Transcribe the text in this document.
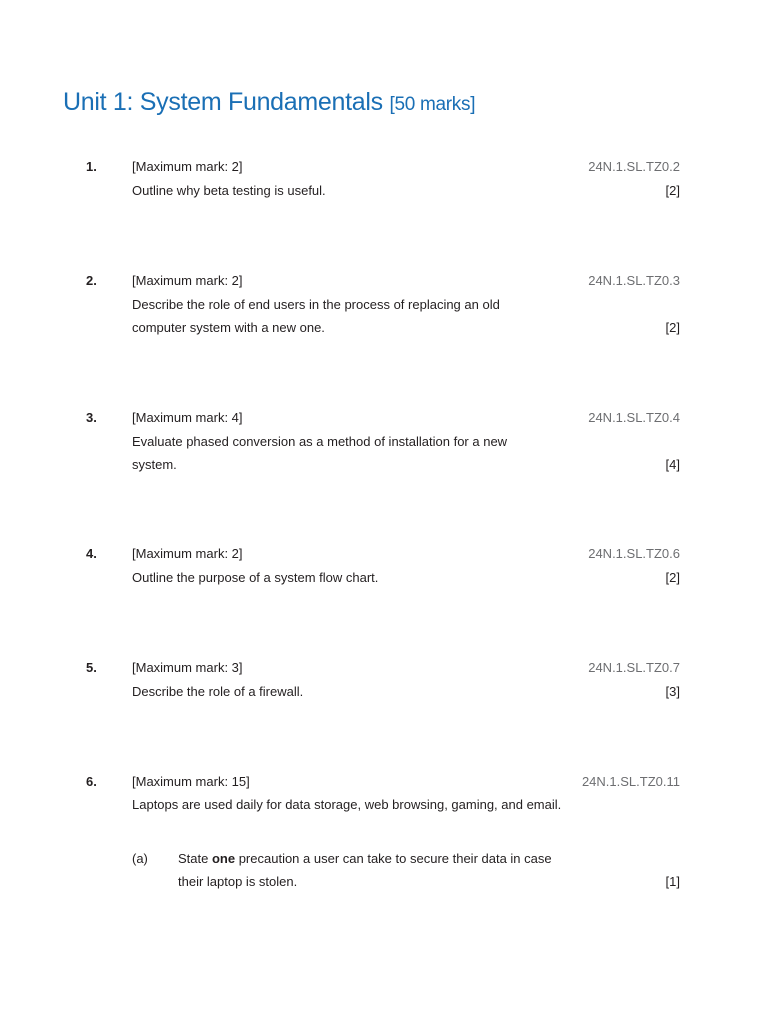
Unit 1: System Fundamentals [50 marks]
1.	[Maximum mark: 2]	24N.1.SL.TZ0.2
Outline why beta testing is useful.	[2]
2.	[Maximum mark: 2]	24N.1.SL.TZ0.3
Describe the role of end users in the process of replacing an old
computer system with a new one.	[2]
3.	[Maximum mark: 4]	24N.1.SL.TZ0.4
Evaluate phased conversion as a method of installation for a new
system.	[4]
4.	[Maximum mark: 2]	24N.1.SL.TZ0.6
Outline the purpose of a system flow chart.	[2]
5.	[Maximum mark: 3]	24N.1.SL.TZ0.7
Describe the role of a firewall.	[3]
6.	[Maximum mark: 15]	24N.1.SL.TZ0.11
Laptops are used daily for data storage, web browsing, gaming, and email.
(a) State one precaution a user can take to secure their data in case
their laptop is stolen.	[1]
